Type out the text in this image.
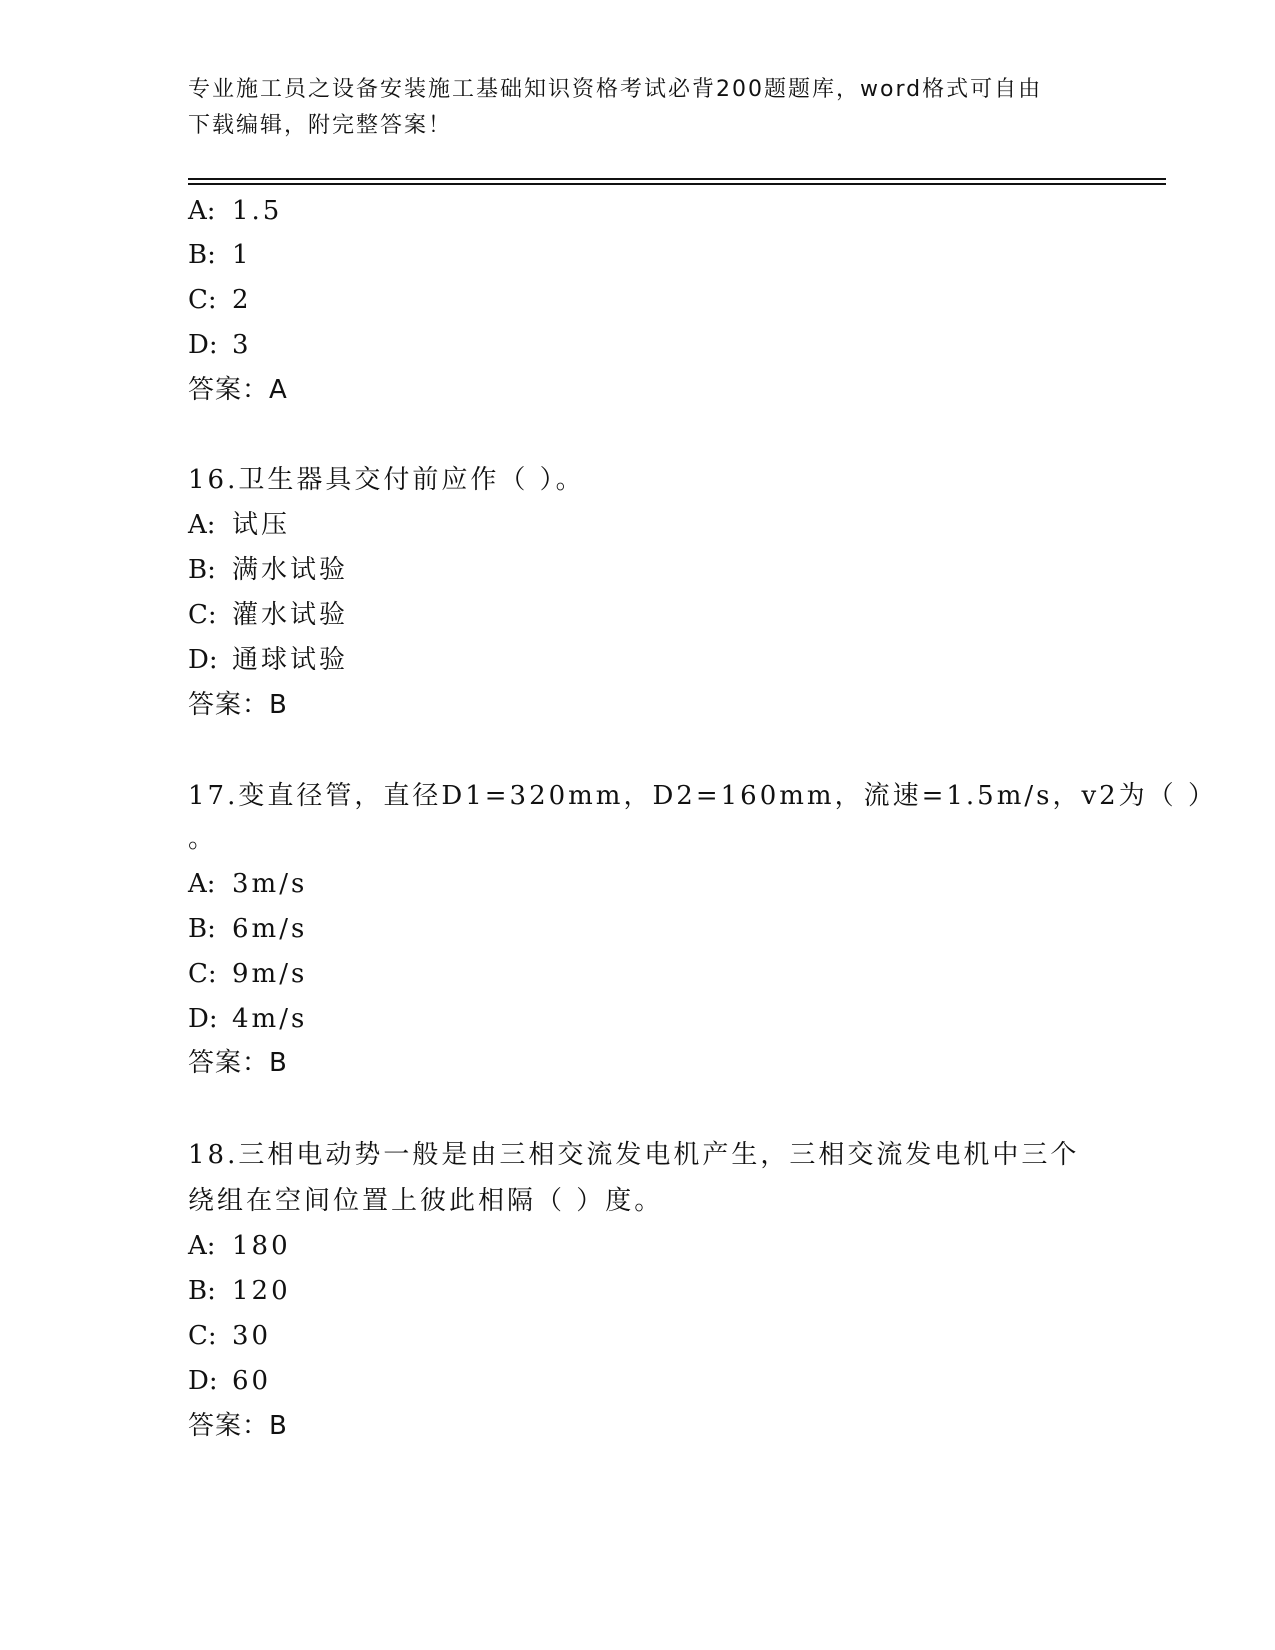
专业施工员之设备安装施工基础知识资格考试必背200题题库，word格式可自由
下载编辑，附完整答案！
A: 1.5
B: 1
C: 2
D: 3
答案：A
16.卫生器具交付前应作（ ）。
A: 试压
B: 满水试验
C: 灌水试验
D: 通球试验
答案：B
17.变直径管，直径D1=320mm，D2=160mm，流速=1.5m/s，v2为（ ）
。
A: 3m/s
B: 6m/s
C: 9m/s
D: 4m/s
答案：B
18.三相电动势一般是由三相交流发电机产生，三相交流发电机中三个
绕组在空间位置上彼此相隔（ ）度。
A: 180
B: 120
C: 30
D: 60
答案：B
